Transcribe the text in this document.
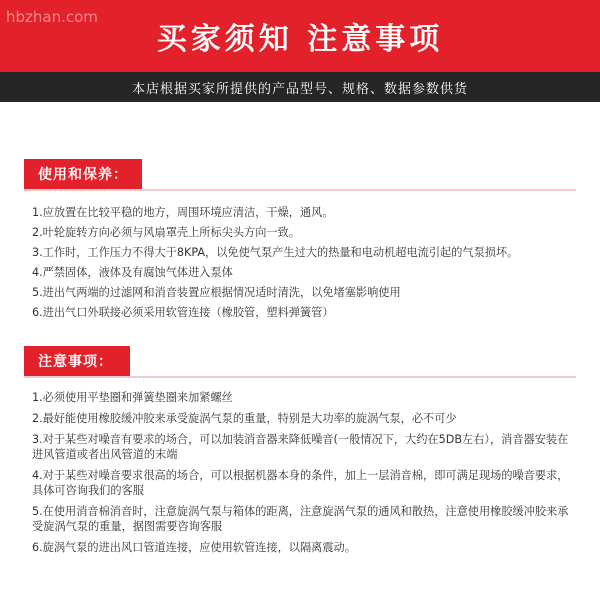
hbzhan.com
买家须知 注意事项
本店根据买家所提供的产品型号、规格、数据参数供货
使用和保养：
1.应放置在比较平稳的地方，周围环境应清洁，干燥，通风。
2.叶轮旋转方向必须与风扇罩壳上所标尖头方向一致。
3.工作时，工作压力不得大于8KPA，以免使气泵产生过大的热量和电动机超电流引起的气泵损坏。
4.严禁固体，液体及有腐蚀气体进入泵体
5.进出气两端的过滤网和消音装置应根据情况适时清洗，以免堵塞影响使用
6.进出气口外联接必须采用软管连接（橡胶管，塑料弹簧管）
注意事项：
1.必须使用平垫圈和弹簧垫圈来加紧螺丝
2.最好能使用橡胶缓冲胶来承受旋涡气泵的重量，特别是大功率的旋涡气泵，必不可少
3.对于某些对噪音有要求的场合，可以加装消音器来降低噪音(一般情况下，大约在5DB左右），消音器安装在进风管道或者出风管道的末端
4.对于某些对噪音要求很高的场合，可以根据机器本身的条件，加上一层消音棉，即可满足现场的噪音要求，具体可咨询我们的客服
5.在使用消音棉消音时，注意旋涡气泵与箱体的距离，注意旋涡气泵的通风和散热，注意使用橡胶缓冲胶来承受旋涡气泵的重量，据图需要咨询客服
6.旋涡气泵的进出风口管道连接，应使用软管连接，以隔离震动。
